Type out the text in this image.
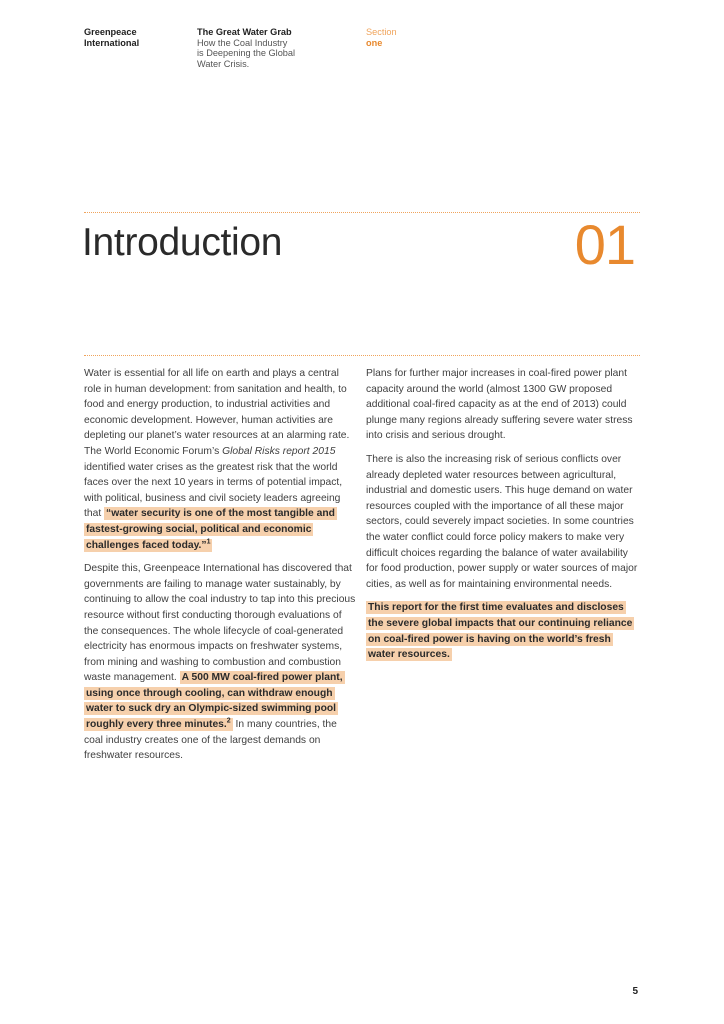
Greenpeace
International
The Great Water Grab
How the Coal Industry
is Deepening the Global
Water Crisis.
Section
one
Introduction	01

Water is essential for all life on earth and plays a central role in human development: from sanitation and health, to food and energy production, to industrial activities and economic development. However, human activities are depleting our planet’s water resources at an alarming rate. The World Economic Forum’s Global Risks report 2015 identified water crises as the greatest risk that the world faces over the next 10 years in terms of potential impact, with political, business and civil society leaders agreeing that “water security is one of the most tangible and fastest-growing social, political and economic challenges faced today.”$^1$

Despite this, Greenpeace International has discovered that governments are failing to manage water sustainably, by continuing to allow the coal industry to tap into this precious resource without first conducting thorough evaluations of the consequences. The whole lifecycle of coal-generated electricity has enormous impacts on freshwater systems, from mining and washing to combustion and combustion waste management. A 500 MW coal-fired power plant, using once through cooling, can withdraw enough water to suck dry an Olympic-sized swimming pool roughly every three minutes.$^2$ In many countries, the coal industry creates one of the largest demands on freshwater resources.

Plans for further major increases in coal-fired power plant capacity around the world (almost 1300 GW proposed additional coal-fired capacity as at the end of 2013) could plunge many regions already suffering severe water stress into crisis and serious drought.

There is also the increasing risk of serious conflicts over already depleted water resources between agricultural, industrial and domestic users. This huge demand on water resources coupled with the importance of all these major sectors, could severely impact societies. In some countries the water conflict could force policy makers to make very difficult choices regarding the balance of water availability for food production, power supply or water sources of major cities, as well as for maintaining environmental needs.

This report for the first time evaluates and discloses the severe global impacts that our continuing reliance on coal-fired power is having on the world’s fresh water resources.

5
